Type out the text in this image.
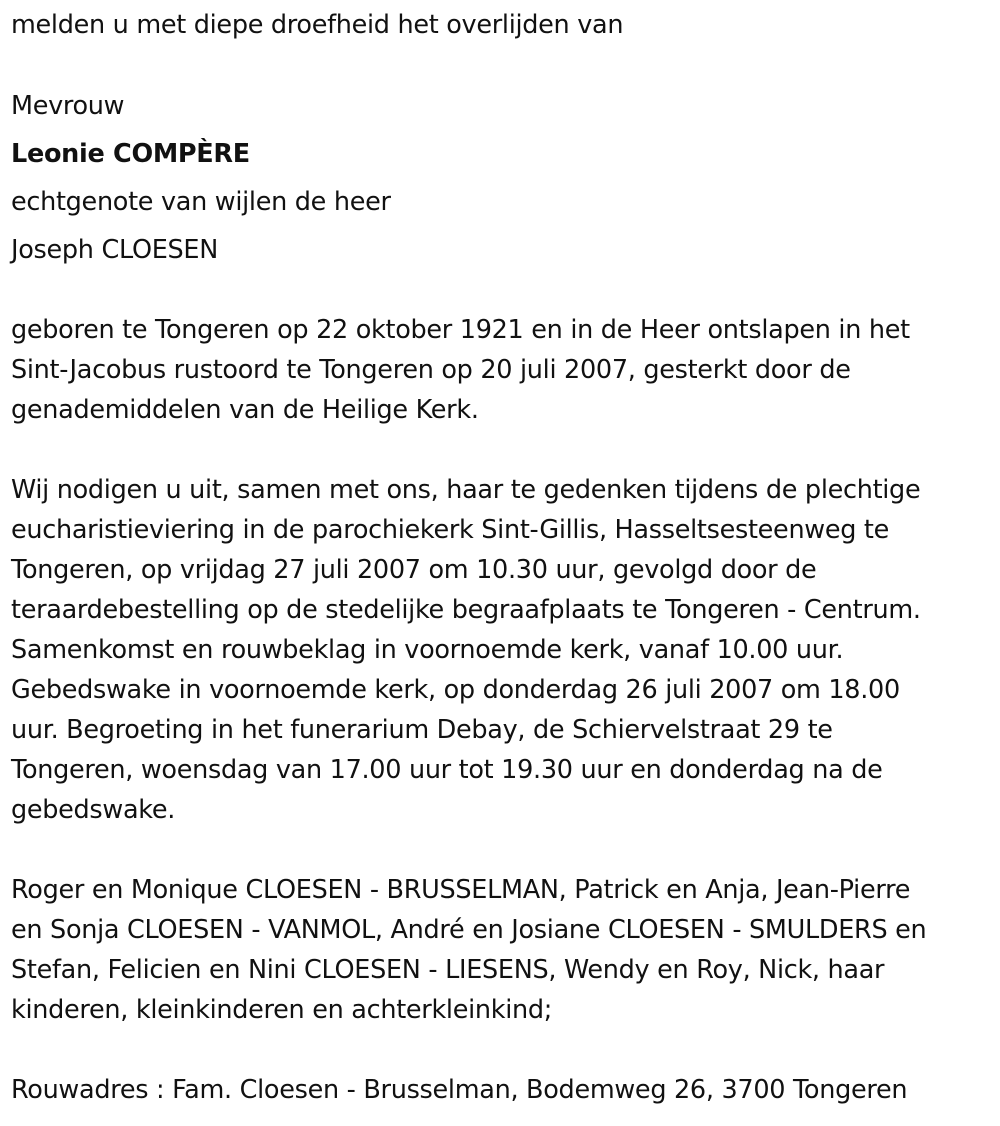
melden u met diepe droefheid het overlijden van

Mevrouw

Leonie COMPÈRE

echtgenote van wijlen de heer

Joseph CLOESEN

geboren te Tongeren op 22 oktober 1921 en in de Heer ontslapen in het
Sint-Jacobus rustoord te Tongeren op 20 juli 2007, gesterkt door de
genademiddelen van de Heilige Kerk.
Wij nodigen u uit, samen met ons, haar te gedenken tijdens de plechtige
eucharistieviering in de parochiekerk Sint-Gillis, Hasseltsesteenweg te
Tongeren, op vrijdag 27 juli 2007 om 10.30 uur, gevolgd door de
teraardebestelling op de stedelijke begraafplaats te Tongeren - Centrum.
Samenkomst en rouwbeklag in voornoemde kerk, vanaf 10.00 uur.
Gebedswake in voornoemde kerk, op donderdag 26 juli 2007 om 18.00
uur. Begroeting in het funerarium Debay, de Schiervelstraat 29 te
Tongeren, woensdag van 17.00 uur tot 19.30 uur en donderdag na de
gebedswake.
Roger en Monique CLOESEN - BRUSSELMAN, Patrick en Anja, Jean-Pierre
en Sonja CLOESEN - VANMOL, André en Josiane CLOESEN - SMULDERS en
Stefan, Felicien en Nini CLOESEN - LIESENS, Wendy en Roy, Nick, haar
kinderen, kleinkinderen en achterkleinkind;

Rouwadres : Fam. Cloesen - Brusselman, Bodemweg 26, 3700 Tongeren
